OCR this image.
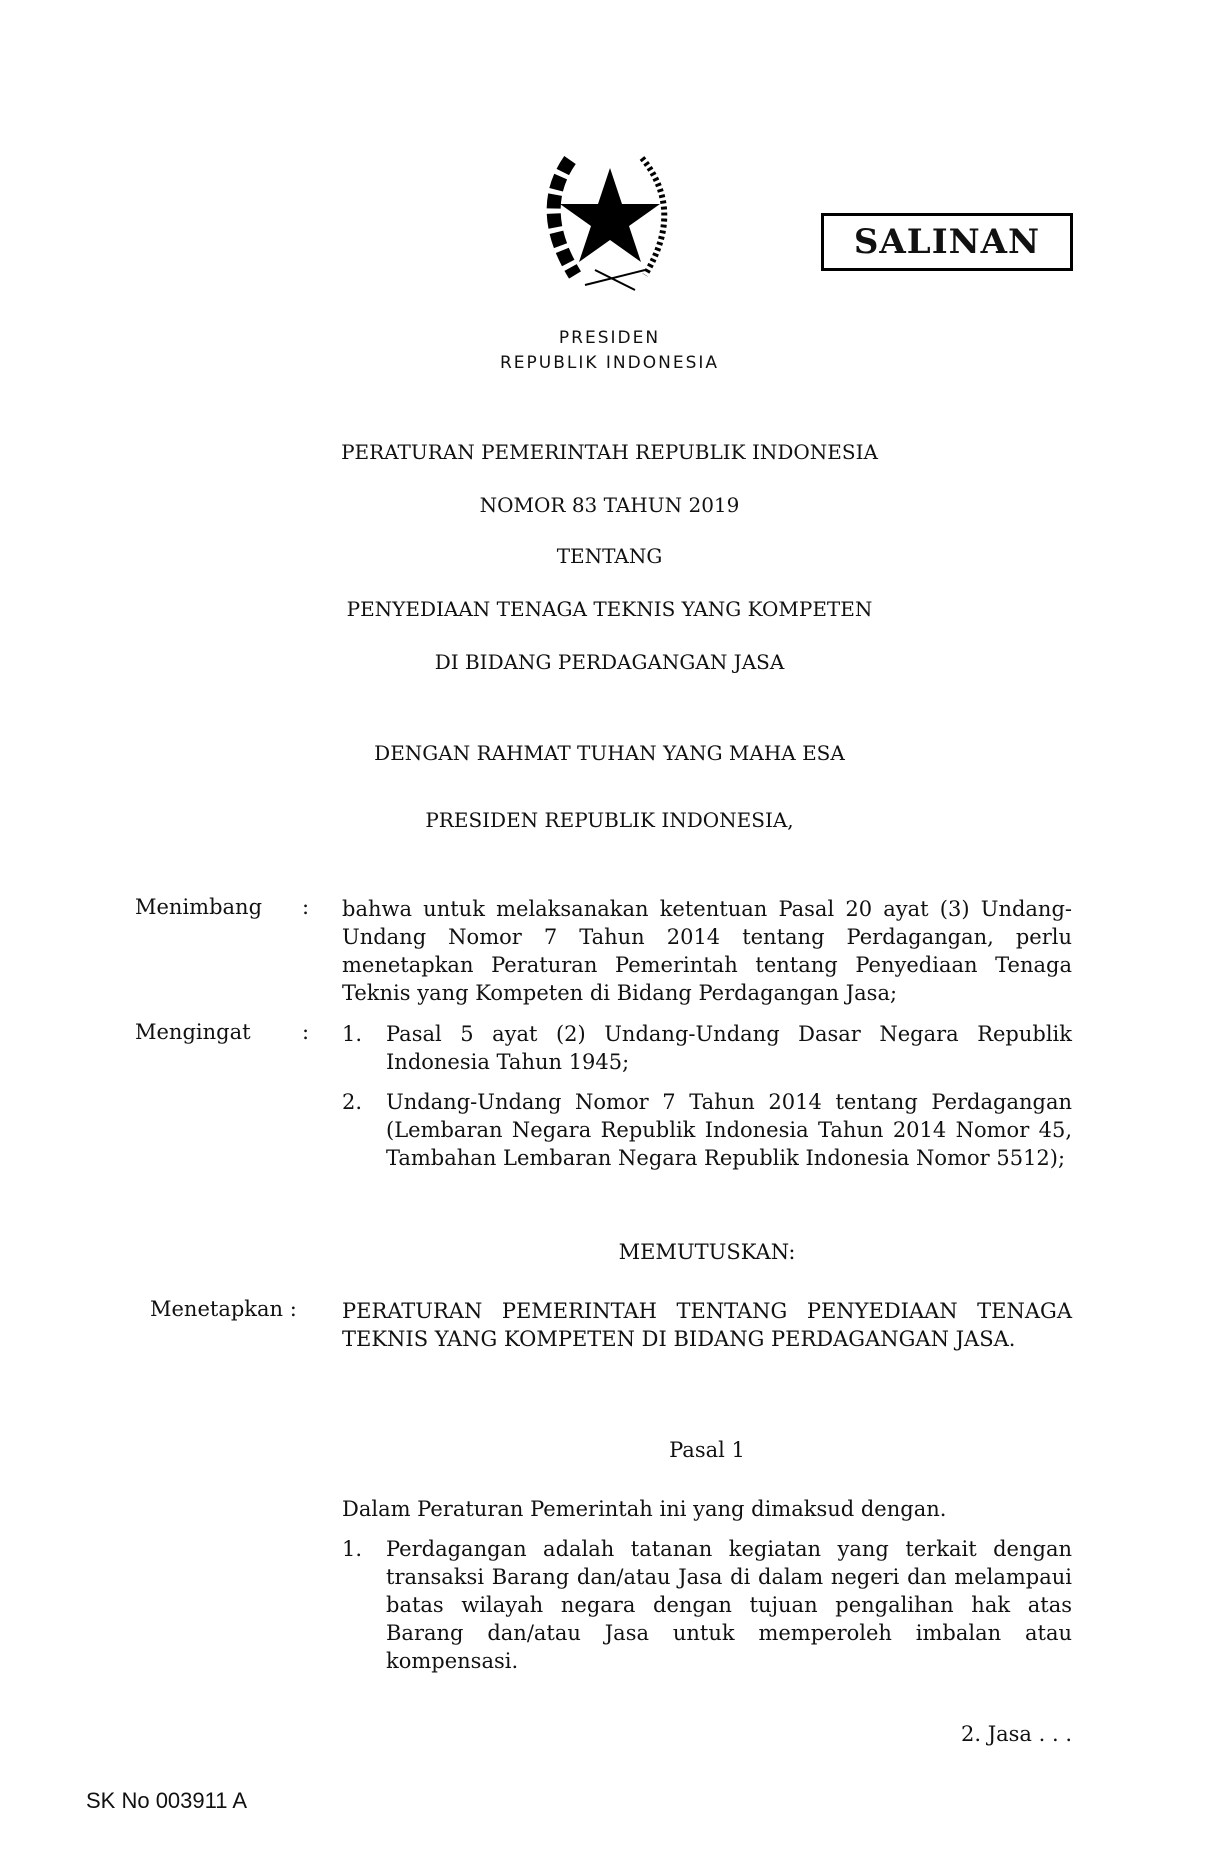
SALINAN
PRESIDEN
REPUBLIK INDONESIA
PERATURAN PEMERINTAH REPUBLIK INDONESIA
NOMOR 83 TAHUN 2019
TENTANG
PENYEDIAAN TENAGA TEKNIS YANG KOMPETEN
DI BIDANG PERDAGANGAN JASA
DENGAN RAHMAT TUHAN YANG MAHA ESA
PRESIDEN REPUBLIK INDONESIA,
Menimbang	: bahwa untuk melaksanakan ketentuan Pasal 20 ayat (3) Undang-Undang Nomor 7 Tahun 2014 tentang Perdagangan, perlu menetapkan Peraturan Pemerintah tentang Penyediaan Tenaga Teknis yang Kompeten di Bidang Perdagangan Jasa;
Mengingat	: 1. Pasal 5 ayat (2) Undang-Undang Dasar Negara Republik Indonesia Tahun 1945;
2. Undang-Undang Nomor 7 Tahun 2014 tentang Perdagangan (Lembaran Negara Republik Indonesia Tahun 2014 Nomor 45, Tambahan Lembaran Negara Republik Indonesia Nomor 5512);
MEMUTUSKAN:
Menetapkan : PERATURAN PEMERINTAH TENTANG PENYEDIAAN TENAGA TEKNIS YANG KOMPETEN DI BIDANG PERDAGANGAN JASA.
Pasal 1
Dalam Peraturan Pemerintah ini yang dimaksud dengan.
1. Perdagangan adalah tatanan kegiatan yang terkait dengan transaksi Barang dan/atau Jasa di dalam negeri dan melampaui batas wilayah negara dengan tujuan pengalihan hak atas Barang dan/atau Jasa untuk memperoleh imbalan atau kompensasi.
2. Jasa . . .
SK No 003911 A
